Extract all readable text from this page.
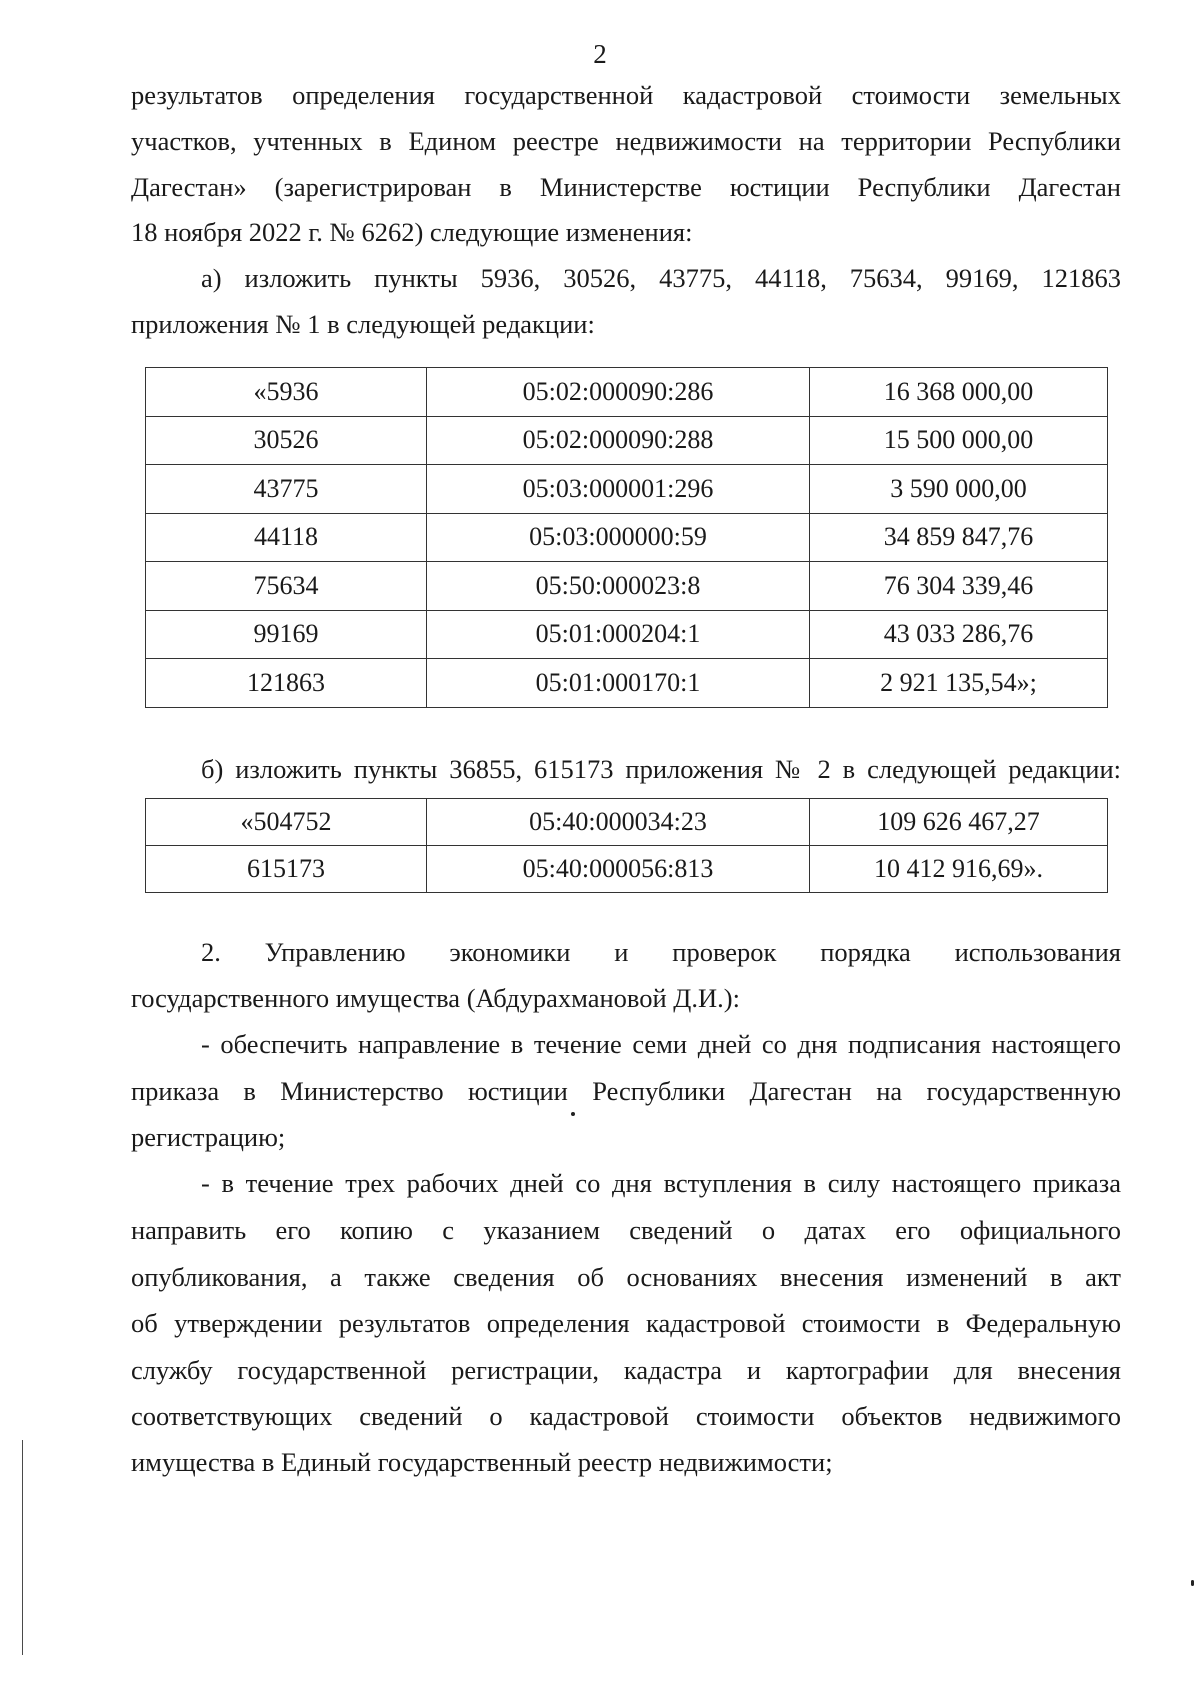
2
результатов определения государственной кадастровой стоимости земельных
участков, учтенных в Едином реестре недвижимости на территории Республики
Дагестан» (зарегистрирован в Министерстве юстиции Республики Дагестан
18 ноября 2022 г. № 6262) следующие изменения:
а) изложить пункты 5936, 30526, 43775, 44118, 75634, 99169, 121863
приложения № 1 в следующей редакции:
«5936	05:02:000090:286	16 368 000,00
30526	05:02:000090:288	15 500 000,00
43775	05:03:000001:296	3 590 000,00
44118	05:03:000000:59	34 859 847,76
75634	05:50:000023:8	76 304 339,46
99169	05:01:000204:1	43 033 286,76
121863	05:01:000170:1	2 921 135,54»;
б) изложить пункты 36855, 615173 приложения № 2 в следующей редакции:
«504752	05:40:000034:23	109 626 467,27
615173	05:40:000056:813	10 412 916,69».
2. Управлению экономики и проверок порядка использования
государственного имущества (Абдурахмановой Д.И.):
- обеспечить направление в течение семи дней со дня подписания настоящего
приказа в Министерство юстиции Республики Дагестан на государственную
регистрацию;
- в течение трех рабочих дней со дня вступления в силу настоящего приказа
направить его копию с указанием сведений о датах его официального
опубликования, а также сведения об основаниях внесения изменений в акт
об утверждении результатов определения кадастровой стоимости в Федеральную
службу государственной регистрации, кадастра и картографии для внесения
соответствующих сведений о кадастровой стоимости объектов недвижимого
имущества в Единый государственный реестр недвижимости;
